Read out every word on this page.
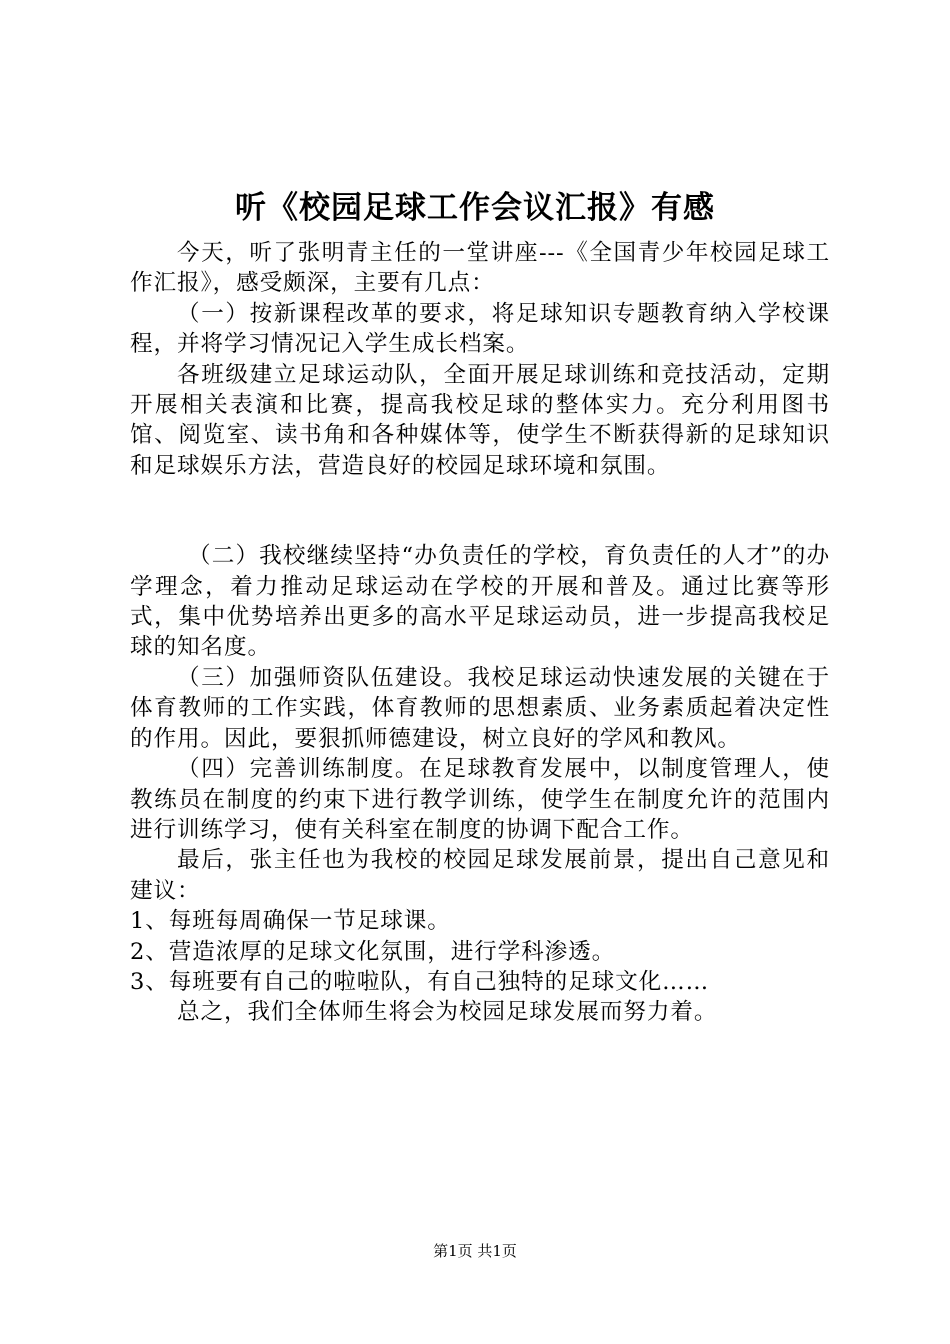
听《校园足球工作会议汇报》有感

今天，听了张明青主任的一堂讲座---《全国青少年校园足球工作汇报》，感受颇深，主要有几点：

（一）按新课程改革的要求，将足球知识专题教育纳入学校课程，并将学习情况记入学生成长档案。

各班级建立足球运动队，全面开展足球训练和竞技活动，定期开展相关表演和比赛，提高我校足球的整体实力。充分利用图书馆、阅览室、读书角和各种媒体等，使学生不断获得新的足球知识和足球娱乐方法，营造良好的校园足球环境和氛围。

（二）我校继续坚持“办负责任的学校，育负责任的人才”的办学理念，着力推动足球运动在学校的开展和普及。通过比赛等形式，集中优势培养出更多的高水平足球运动员，进一步提高我校足球的知名度。

（三）加强师资队伍建设。我校足球运动快速发展的关键在于体育教师的工作实践，体育教师的思想素质、业务素质起着决定性的作用。因此，要狠抓师德建设，树立良好的学风和教风。

（四）完善训练制度。在足球教育发展中，以制度管理人，使教练员在制度的约束下进行教学训练，使学生在制度允许的范围内进行训练学习，使有关科室在制度的协调下配合工作。

最后，张主任也为我校的校园足球发展前景，提出自己意见和建议：

1、每班每周确保一节足球课。

2、营造浓厚的足球文化氛围，进行学科渗透。

3、每班要有自己的啦啦队，有自己独特的足球文化……

总之，我们全体师生将会为校园足球发展而努力着。

第1页 共1页
